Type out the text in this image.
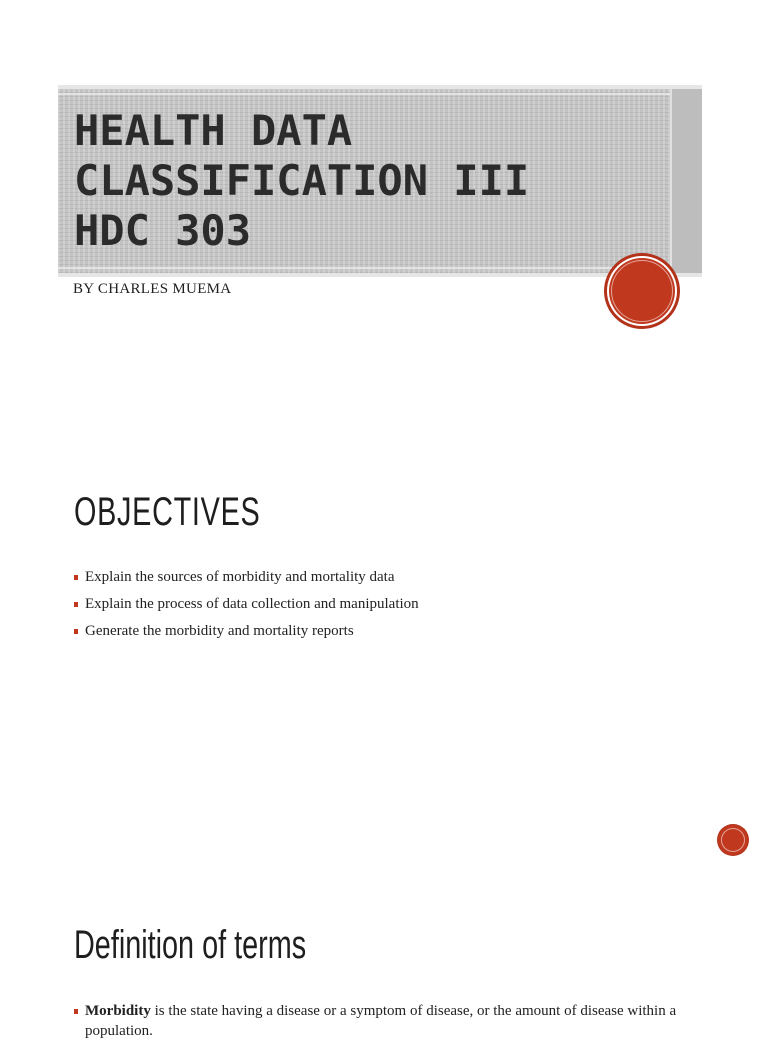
HEALTH DATA
CLASSIFICATION III
HDC 303
BY CHARLES MUEMA
OBJECTIVES
Explain the sources of morbidity and mortality data
Explain the process of data collection and manipulation
Generate the morbidity and mortality reports
Definition of terms
Morbidity is the state having a disease or a symptom of disease, or the amount of disease within a population.
